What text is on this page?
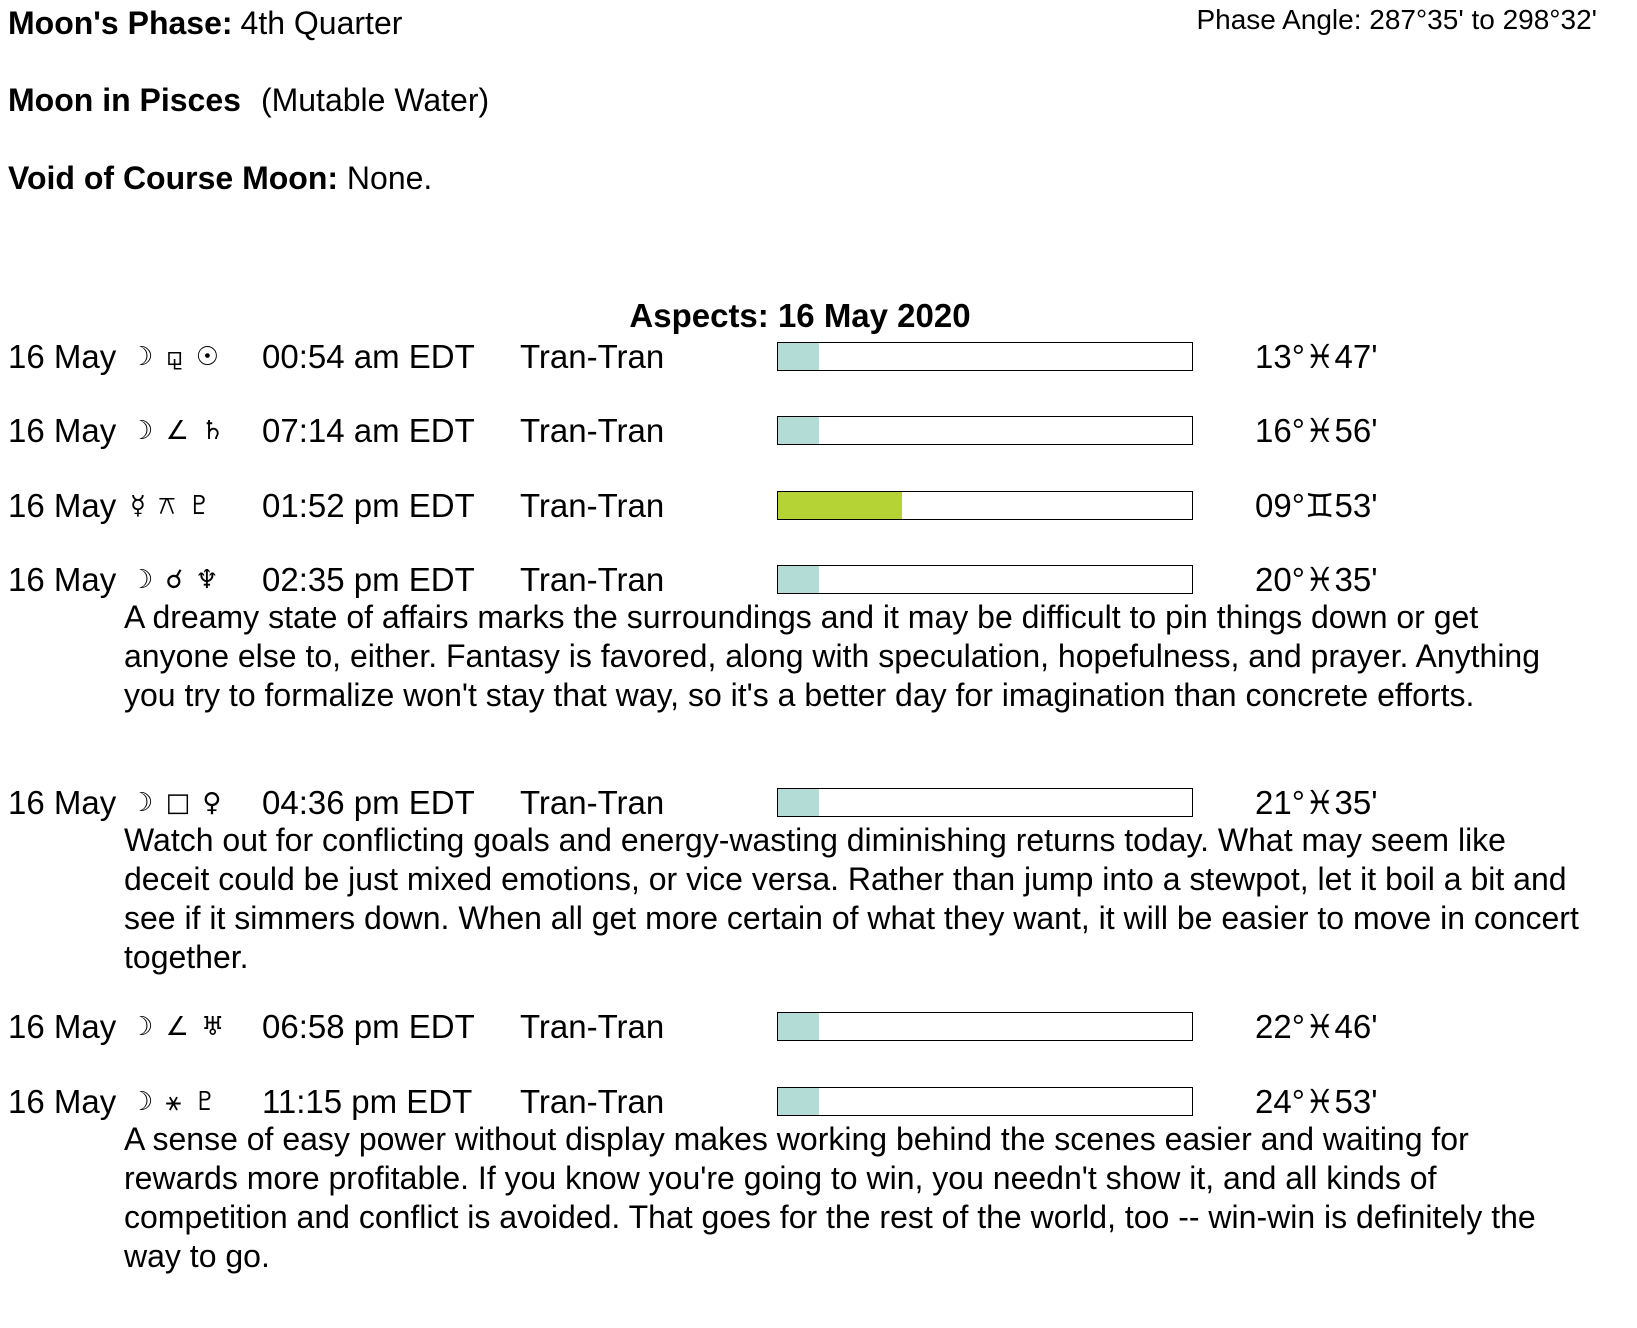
Moon's Phase: 4th Quarter	Phase Angle: 287°35' to 298°32'
Moon in Pisces (Mutable Water)
Void of Course Moon: None.
Aspects: 16 May 2020
16 May ☽ ⚼ ☉ 00:54 am EDT Tran-Tran	13°♓47'
16 May ☽ ∠ ♄ 07:14 am EDT Tran-Tran	16°♓56'
16 May ☿ ⚻ ♇ 01:52 pm EDT Tran-Tran	09°♊53'
16 May ☽ ☌ ♆ 02:35 pm EDT Tran-Tran	20°♓35'
A dreamy state of affairs marks the surroundings and it may be difficult to pin things down or get anyone else to, either. Fantasy is favored, along with speculation, hopefulness, and prayer. Anything you try to formalize won't stay that way, so it's a better day for imagination than concrete efforts.
16 May ☽ □ ♀ 04:36 pm EDT Tran-Tran	21°♓35'
Watch out for conflicting goals and energy-wasting diminishing returns today. What may seem like deceit could be just mixed emotions, or vice versa. Rather than jump into a stewpot, let it boil a bit and see if it simmers down. When all get more certain of what they want, it will be easier to move in concert together.
16 May ☽ ∠ ♅ 06:58 pm EDT Tran-Tran	22°♓46'
16 May ☽ ⚹ ♇ 11:15 pm EDT Tran-Tran	24°♓53'
A sense of easy power without display makes working behind the scenes easier and waiting for rewards more profitable. If you know you're going to win, you needn't show it, and all kinds of competition and conflict is avoided. That goes for the rest of the world, too -- win-win is definitely the way to go.
